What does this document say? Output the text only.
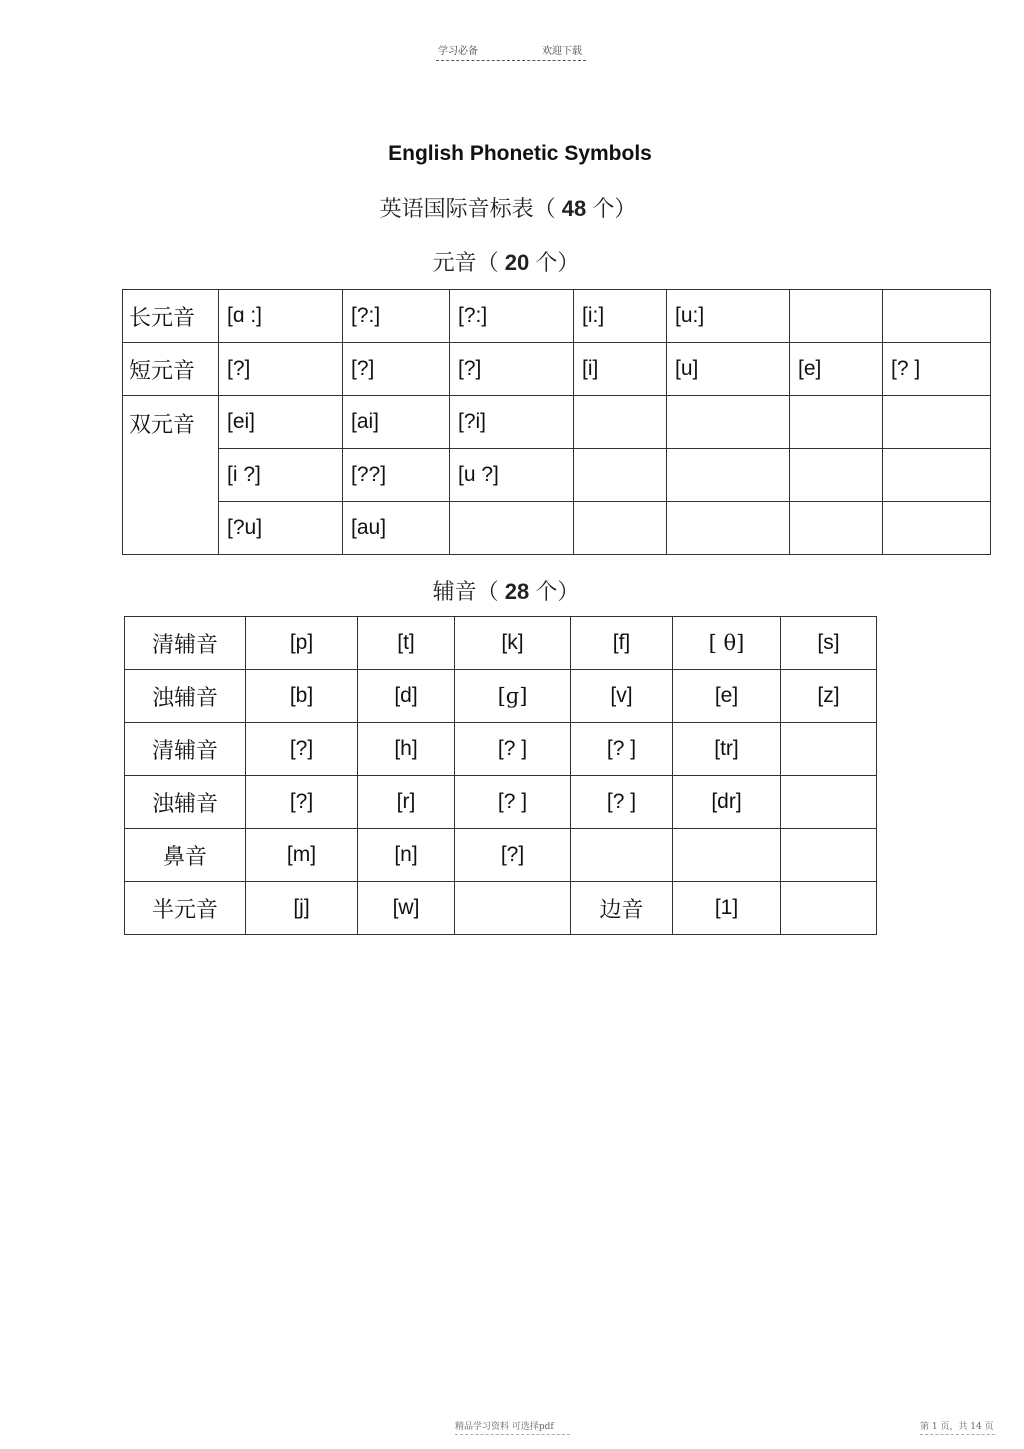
学习必备	欢迎下载
English Phonetic Symbols
英语国际音标表（ 48 个）
元音（ 20 个）
长元音	[ɑ :]	[?:]	[?:]	[i:]	[u:]		
短元音	[?]	[?]	[?]	[i]	[u]	[e]	[? ]
双元音	[ei]	[ai]	[?i]				
	[i ?]	[??]	[u ?]				
	[?u]	[au]					
辅音（ 28 个）
清辅音	[p]	[t]	[k]	[f]	[ θ]	[s]
浊辅音	[b]	[d]	[ɡ]	[v]	[e]	[z]
清辅音	[?]	[h]	[? ]	[? ]	[tr]	
浊辅音	[?]	[r]	[? ]	[? ]	[dr]	
鼻音	[m]	[n]	[?]			
半元音	[j]	[w]		边音	[1]	
精品学习资料 可选择pdf	第 1 页，共 14 页
